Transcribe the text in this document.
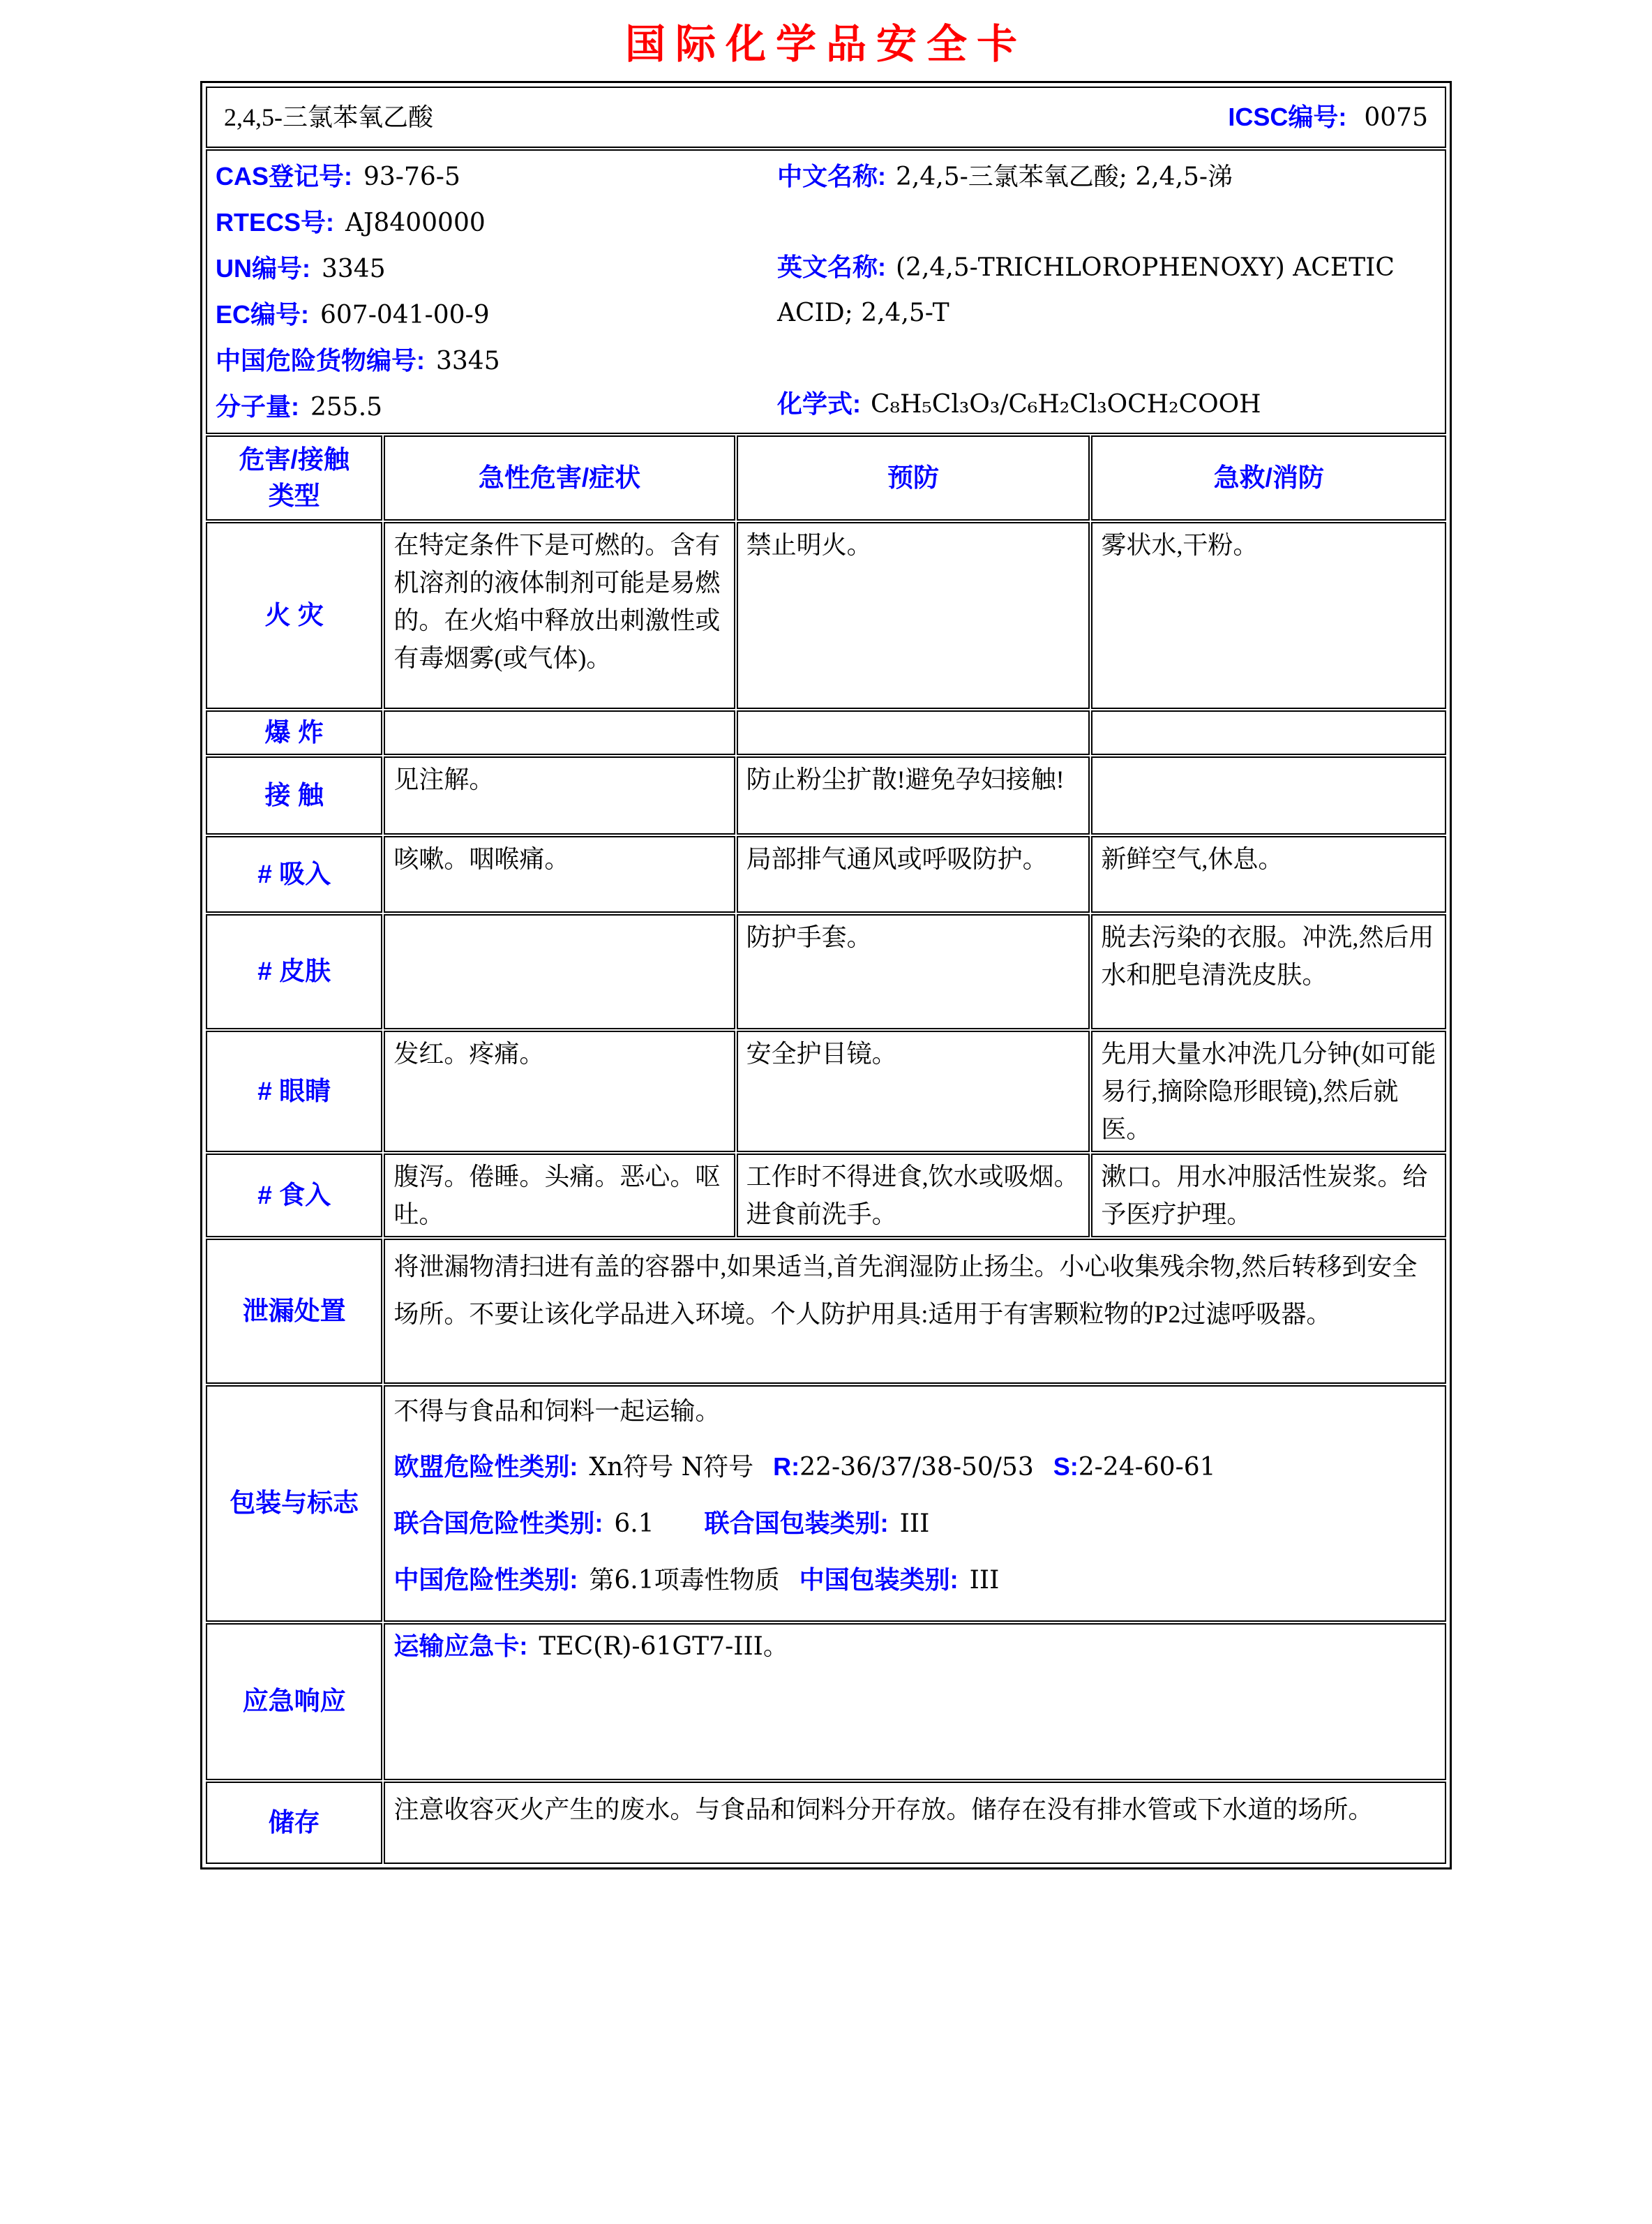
国际化学品安全卡
2,4,5-三氯苯氧乙酸 ICSC编号: 0075			

CAS登记号: 93-76-5
RTECS号: AJ8400000
UN编号: 3345
EC编号: 607-041-00-9
中国危险货物编号: 3345
分子量: 255.5
中文名称: 2,4,5-三氯苯氧乙酸; 2,4,5-涕
英文名称: (2,4,5-TRICHLOROPHENOXY) ACETIC ACID; 2,4,5-T
化学式: C₈H₅Cl₃O₃/C₆H₂Cl₃OCH₂COOH

危害/接触
类型	急性危害/症状	预防	急救/消防
火 灾	在特定条件下是可燃的。含有机溶剂的液体制剂可能是易燃的。在火焰中释放出刺激性或有毒烟雾(或气体)。	禁止明火。	雾状水,干粉。
爆 炸			
接 触	见注解。	防止粉尘扩散!避免孕妇接触!	
# 吸入	咳嗽。咽喉痛。	局部排气通风或呼吸防护。	新鲜空气,休息。
# 皮肤		防护手套。	脱去污染的衣服。冲洗,然后用水和肥皂清洗皮肤。
# 眼睛	发红。疼痛。	安全护目镜。	先用大量水冲洗几分钟(如可能易行,摘除隐形眼镜),然后就医。
# 食入	腹泻。倦睡。头痛。恶心。呕吐。	工作时不得进食,饮水或吸烟。进食前洗手。	漱口。用水冲服活性炭浆。给予医疗护理。
泄漏处置	将泄漏物清扫进有盖的容器中,如果适当,首先润湿防止扬尘。小心收集残余物,然后转移到安全场所。不要让该化学品进入环境。个人防护用具:适用于有害颗粒物的P2过滤呼吸器。		
包装与标志	不得与食品和饲料一起运输。
欧盟危险性类别: Xn符号 N符号 R:22-36/37/38-50/53 S:2-24-60-61
联合国危险性类别: 6.1 联合国包装类别: III
中国危险性类别: 第6.1项毒性物质 中国包装类别: III		

应急响应	运输应急卡: TEC(R)-61GT7-III。		
储存	注意收容灭火产生的废水。与食品和饲料分开存放。储存在没有排水管或下水道的场所。		
